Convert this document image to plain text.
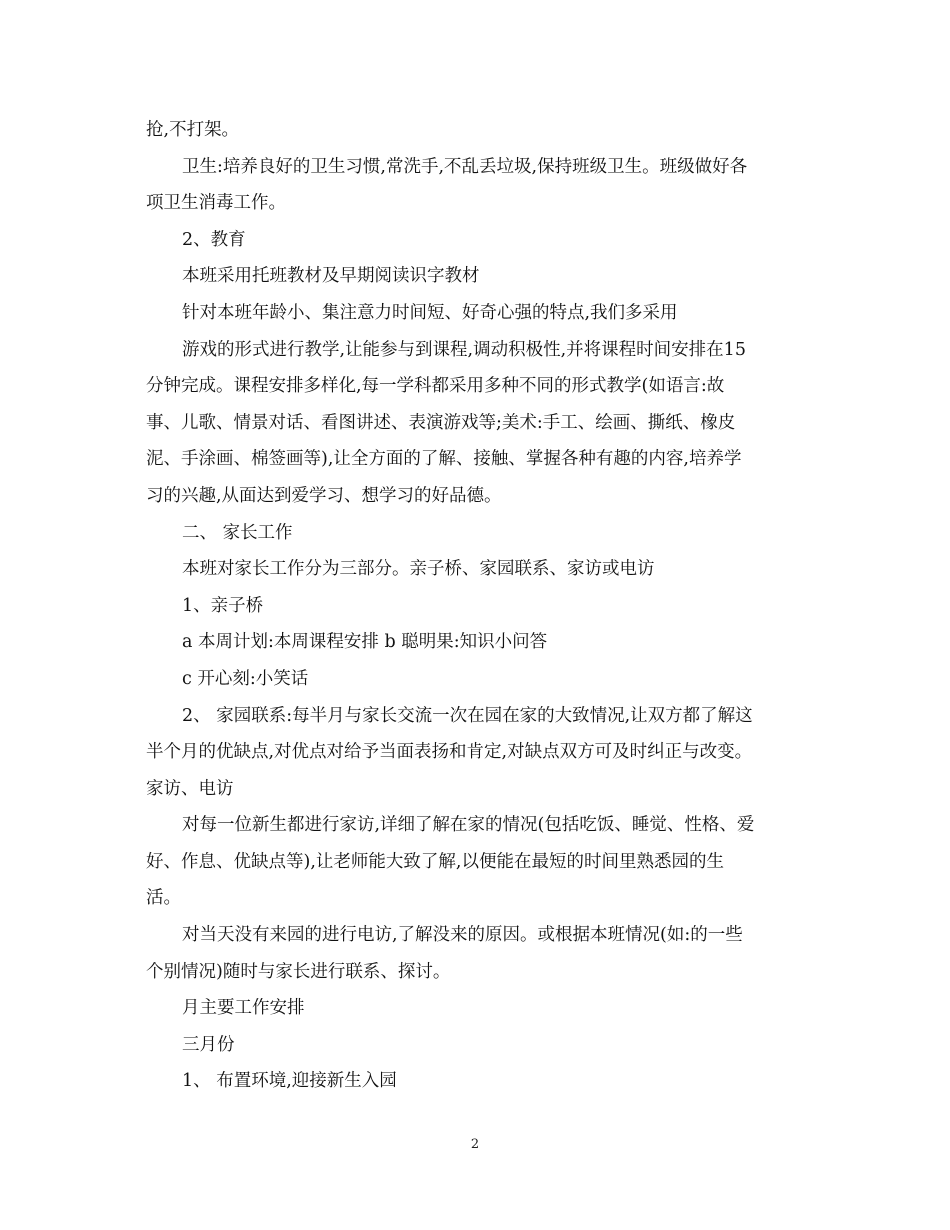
抢,不打架。

卫生:培养良好的卫生习惯,常洗手,不乱丢垃圾,保持班级卫生。班级做好各
项卫生消毒工作。

2、教育

本班采用托班教材及早期阅读识字教材

针对本班年龄小、集注意力时间短、好奇心强的特点,我们多采用

游戏的形式进行教学,让能参与到课程,调动积极性,并将课程时间安排在15
分钟完成。课程安排多样化,每一学科都采用多种不同的形式教学(如语言:故
事、儿歌、情景对话、看图讲述、表演游戏等;美术:手工、绘画、撕纸、橡皮
泥、手涂画、棉签画等),让全方面的了解、接触、掌握各种有趣的内容,培养学
习的兴趣,从面达到爱学习、想学习的好品德。

二、 家长工作

本班对家长工作分为三部分。亲子桥、家园联系、家访或电访

1、亲子桥

a 本周计划:本周课程安排 b 聪明果:知识小问答

c 开心刻:小笑话

2、 家园联系:每半月与家长交流一次在园在家的大致情况,让双方都了解这
半个月的优缺点,对优点对给予当面表扬和肯定,对缺点双方可及时纠正与改变。
家访、电访

对每一位新生都进行家访,详细了解在家的情况(包括吃饭、睡觉、性格、爱
好、作息、优缺点等),让老师能大致了解,以便能在最短的时间里熟悉园的生
活。

对当天没有来园的进行电访,了解没来的原因。或根据本班情况(如:的一些
个别情况)随时与家长进行联系、探讨。

月主要工作安排

三月份

1、 布置环境,迎接新生入园

2
